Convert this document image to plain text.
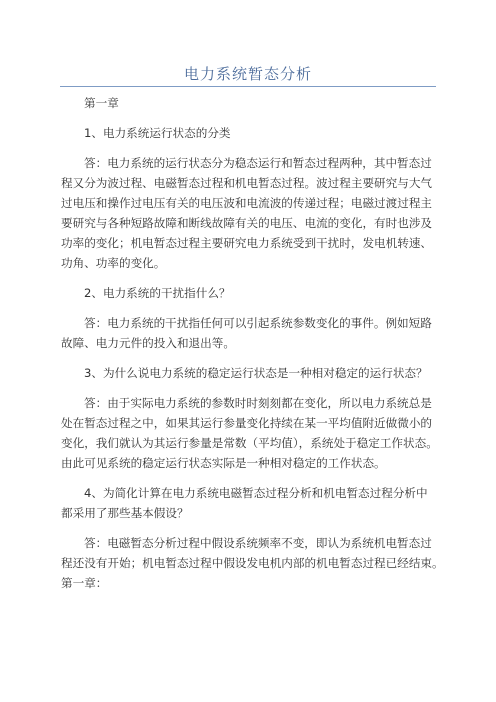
电力系统暂态分析
第一章
1、电力系统运行状态的分类
答：电力系统的运行状态分为稳态运行和暂态过程两种，其中暂态过
程又分为波过程、电磁暂态过程和机电暂态过程。波过程主要研究与大气
过电压和操作过电压有关的电压波和电流波的传递过程；电磁过渡过程主
要研究与各种短路故障和断线故障有关的电压、电流的变化，有时也涉及
功率的变化；机电暂态过程主要研究电力系统受到干扰时，发电机转速、
功角、功率的变化。
2、电力系统的干扰指什么？
答：电力系统的干扰指任何可以引起系统参数变化的事件。例如短路
故障、电力元件的投入和退出等。
3、为什么说电力系统的稳定运行状态是一种相对稳定的运行状态？
答：由于实际电力系统的参数时时刻刻都在变化，所以电力系统总是
处在暂态过程之中，如果其运行参量变化持续在某一平均值附近做微小的
变化，我们就认为其运行参量是常数（平均值），系统处于稳定工作状态。
由此可见系统的稳定运行状态实际是一种相对稳定的工作状态。
4、为简化计算在电力系统电磁暂态过程分析和机电暂态过程分析中
都采用了那些基本假设？
答：电磁暂态分析过程中假设系统频率不变，即认为系统机电暂态过
程还没有开始；机电暂态过程中假设发电机内部的机电暂态过程已经结束。
第一章：
